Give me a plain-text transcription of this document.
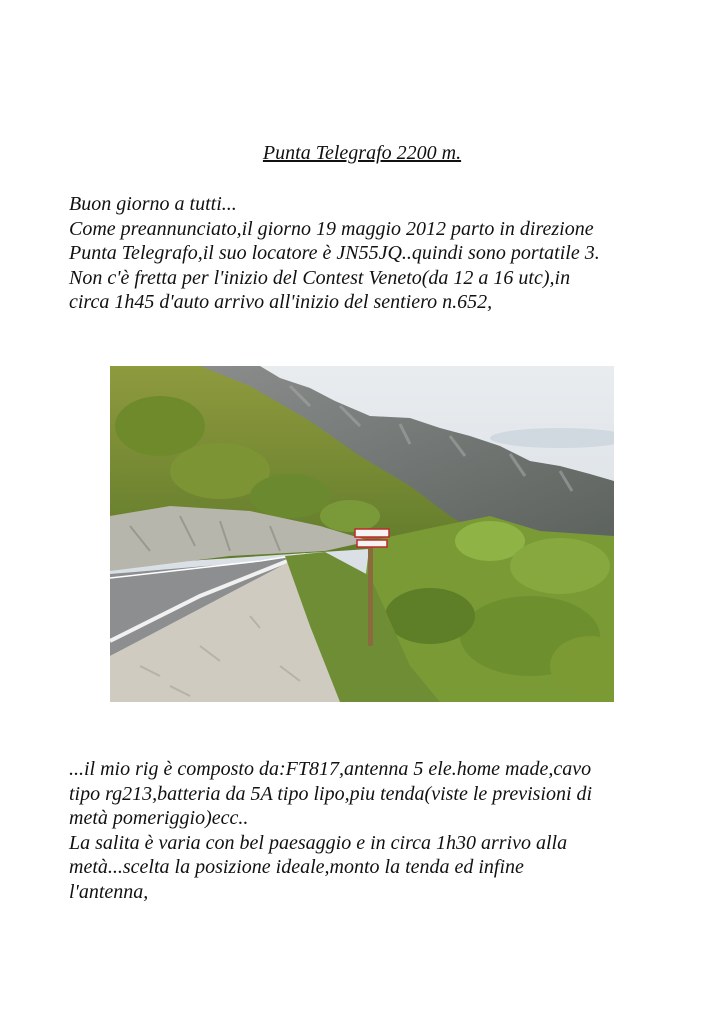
Punta Telegrafo 2200 m.

Buon giorno a tutti...

Come preannunciato,il giorno 19 maggio 2012 parto in direzione

Punta Telegrafo,il suo locatore è JN55JQ..quindi sono portatile 3.

Non c'è fretta per l'inizio del Contest Veneto(da 12 a 16 utc),in

circa 1h45 d'auto arrivo all'inizio del sentiero n.652,

...il mio rig è composto da:FT817,antenna 5 ele.home made,cavo

tipo rg213,batteria da 5A tipo lipo,piu tenda(viste le previsioni di

metà pomeriggio)ecc..

La salita è varia con bel paesaggio e in circa 1h30 arrivo alla

metà...scelta la posizione ideale,monto la tenda ed infine

l'antenna,
